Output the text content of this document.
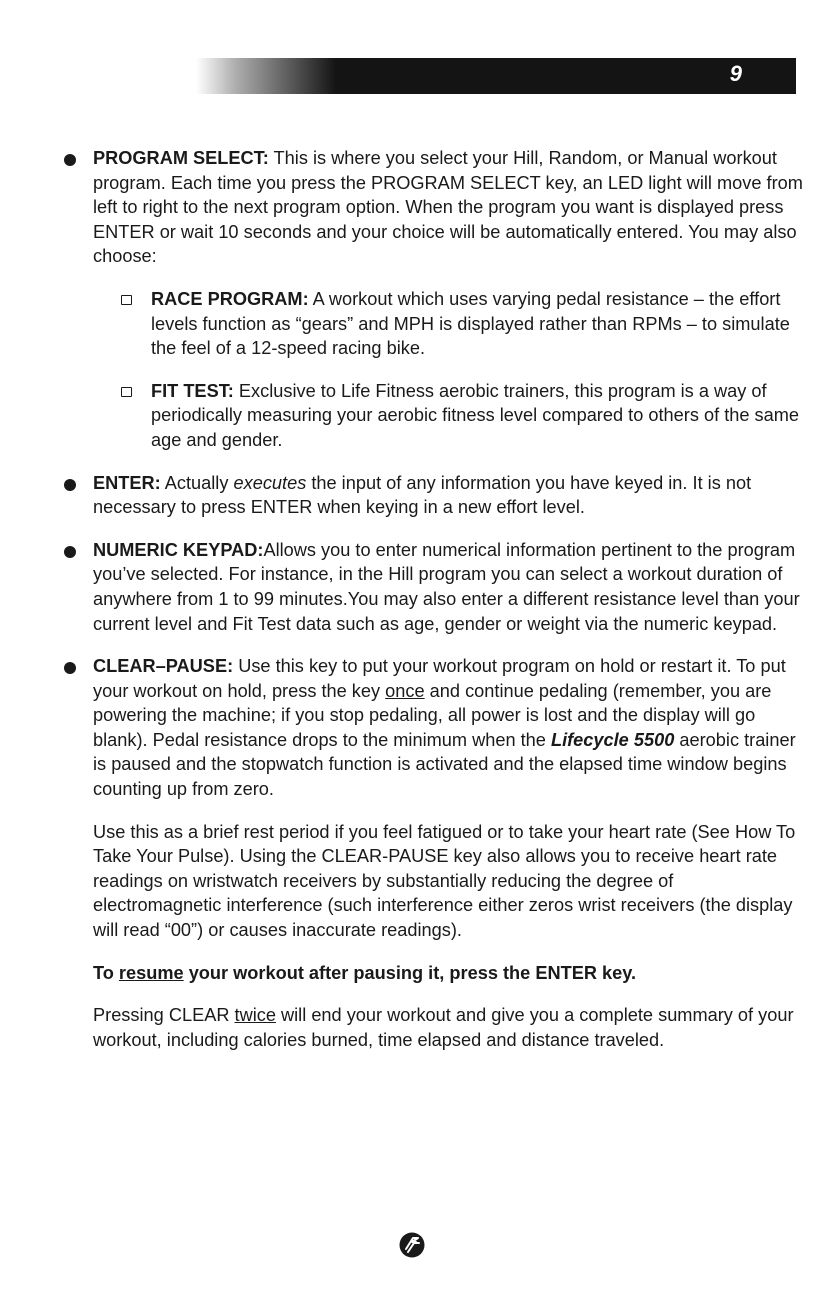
9
PROGRAM SELECT: This is where you select your Hill, Random, or Manual workout program. Each time you press the PROGRAM SELECT key, an LED light will move from left to right to the next program option. When the program you want is displayed press ENTER or wait 10 seconds and your choice will be automatically entered. You may also choose:
RACE PROGRAM: A workout which uses varying pedal resistance – the effort levels function as “gears” and MPH is displayed rather than RPMs – to simulate the feel of a 12-speed racing bike.
FIT TEST: Exclusive to Life Fitness aerobic trainers, this program is a way of periodically measuring your aerobic fitness level compared to others of the same age and gender.
ENTER: Actually executes the input of any information you have keyed in. It is not necessary to press ENTER when keying in a new effort level.
NUMERIC KEYPAD:Allows you to enter numerical information pertinent to the program you’ve selected. For instance, in the Hill program you can select a workout duration of anywhere from 1 to 99 minutes.You may also enter a different resistance level than your current level and Fit Test data such as age, gender or weight via the numeric keypad.
CLEAR–PAUSE: Use this key to put your workout program on hold or restart it. To put your workout on hold, press the key once and continue pedaling (remember, you are powering the machine; if you stop pedaling, all power is lost and the display will go blank). Pedal resistance drops to the minimum when the Lifecycle 5500 aerobic trainer is paused and the stopwatch function is activated and the elapsed time window begins counting up from zero.

Use this as a brief rest period if you feel fatigued or to take your heart rate (See How To Take Your Pulse). Using the CLEAR-PAUSE key also allows you to receive heart rate readings on wristwatch receivers by substantially reducing the degree of electromagnetic interference (such interference either zeros wrist receivers (the display will read “00”) or causes inaccurate readings).

To resume your workout after pausing it, press the ENTER key.

Pressing CLEAR twice will end your workout and give you a complete summary of your workout, including calories burned, time elapsed and distance traveled.
